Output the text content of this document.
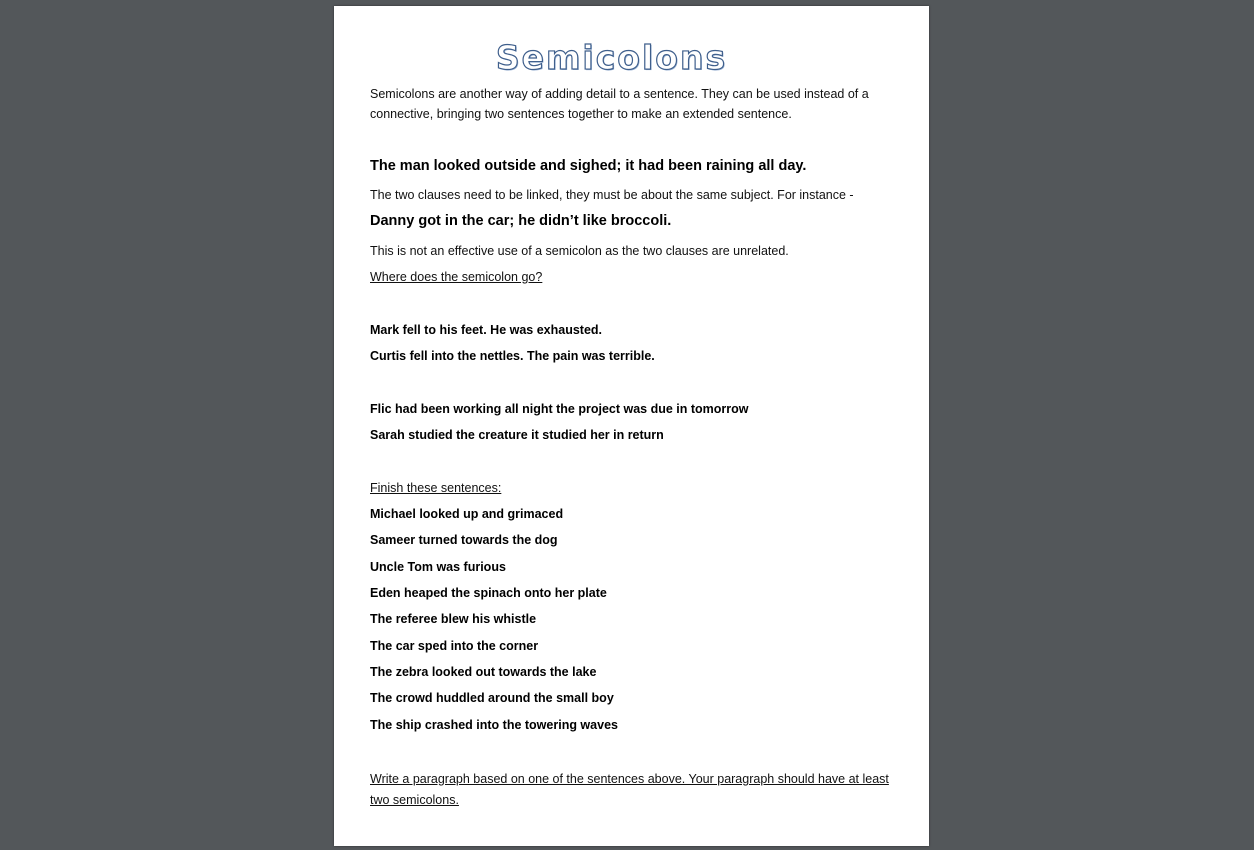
Semicolons
Semicolons are another way of adding detail to a sentence. They can be used instead of a connective, bringing two sentences together to make an extended sentence.
The man looked outside and sighed; it had been raining all day.
The two clauses need to be linked, they must be about the same subject. For instance -
Danny got in the car; he didn’t like broccoli.
This is not an effective use of a semicolon as the two clauses are unrelated.
Where does the semicolon go?
Mark fell to his feet. He was exhausted.
Curtis fell into the nettles. The pain was terrible.
Flic had been working all night the project was due in tomorrow
Sarah studied the creature it studied her in return
Finish these sentences:
Michael looked up and grimaced
Sameer turned towards the dog
Uncle Tom was furious
Eden heaped the spinach onto her plate
The referee blew his whistle
The car sped into the corner
The zebra looked out towards the lake
The crowd huddled around the small boy
The ship crashed into the towering waves
Write a paragraph based on one of the sentences above. Your paragraph should have at least two semicolons.
